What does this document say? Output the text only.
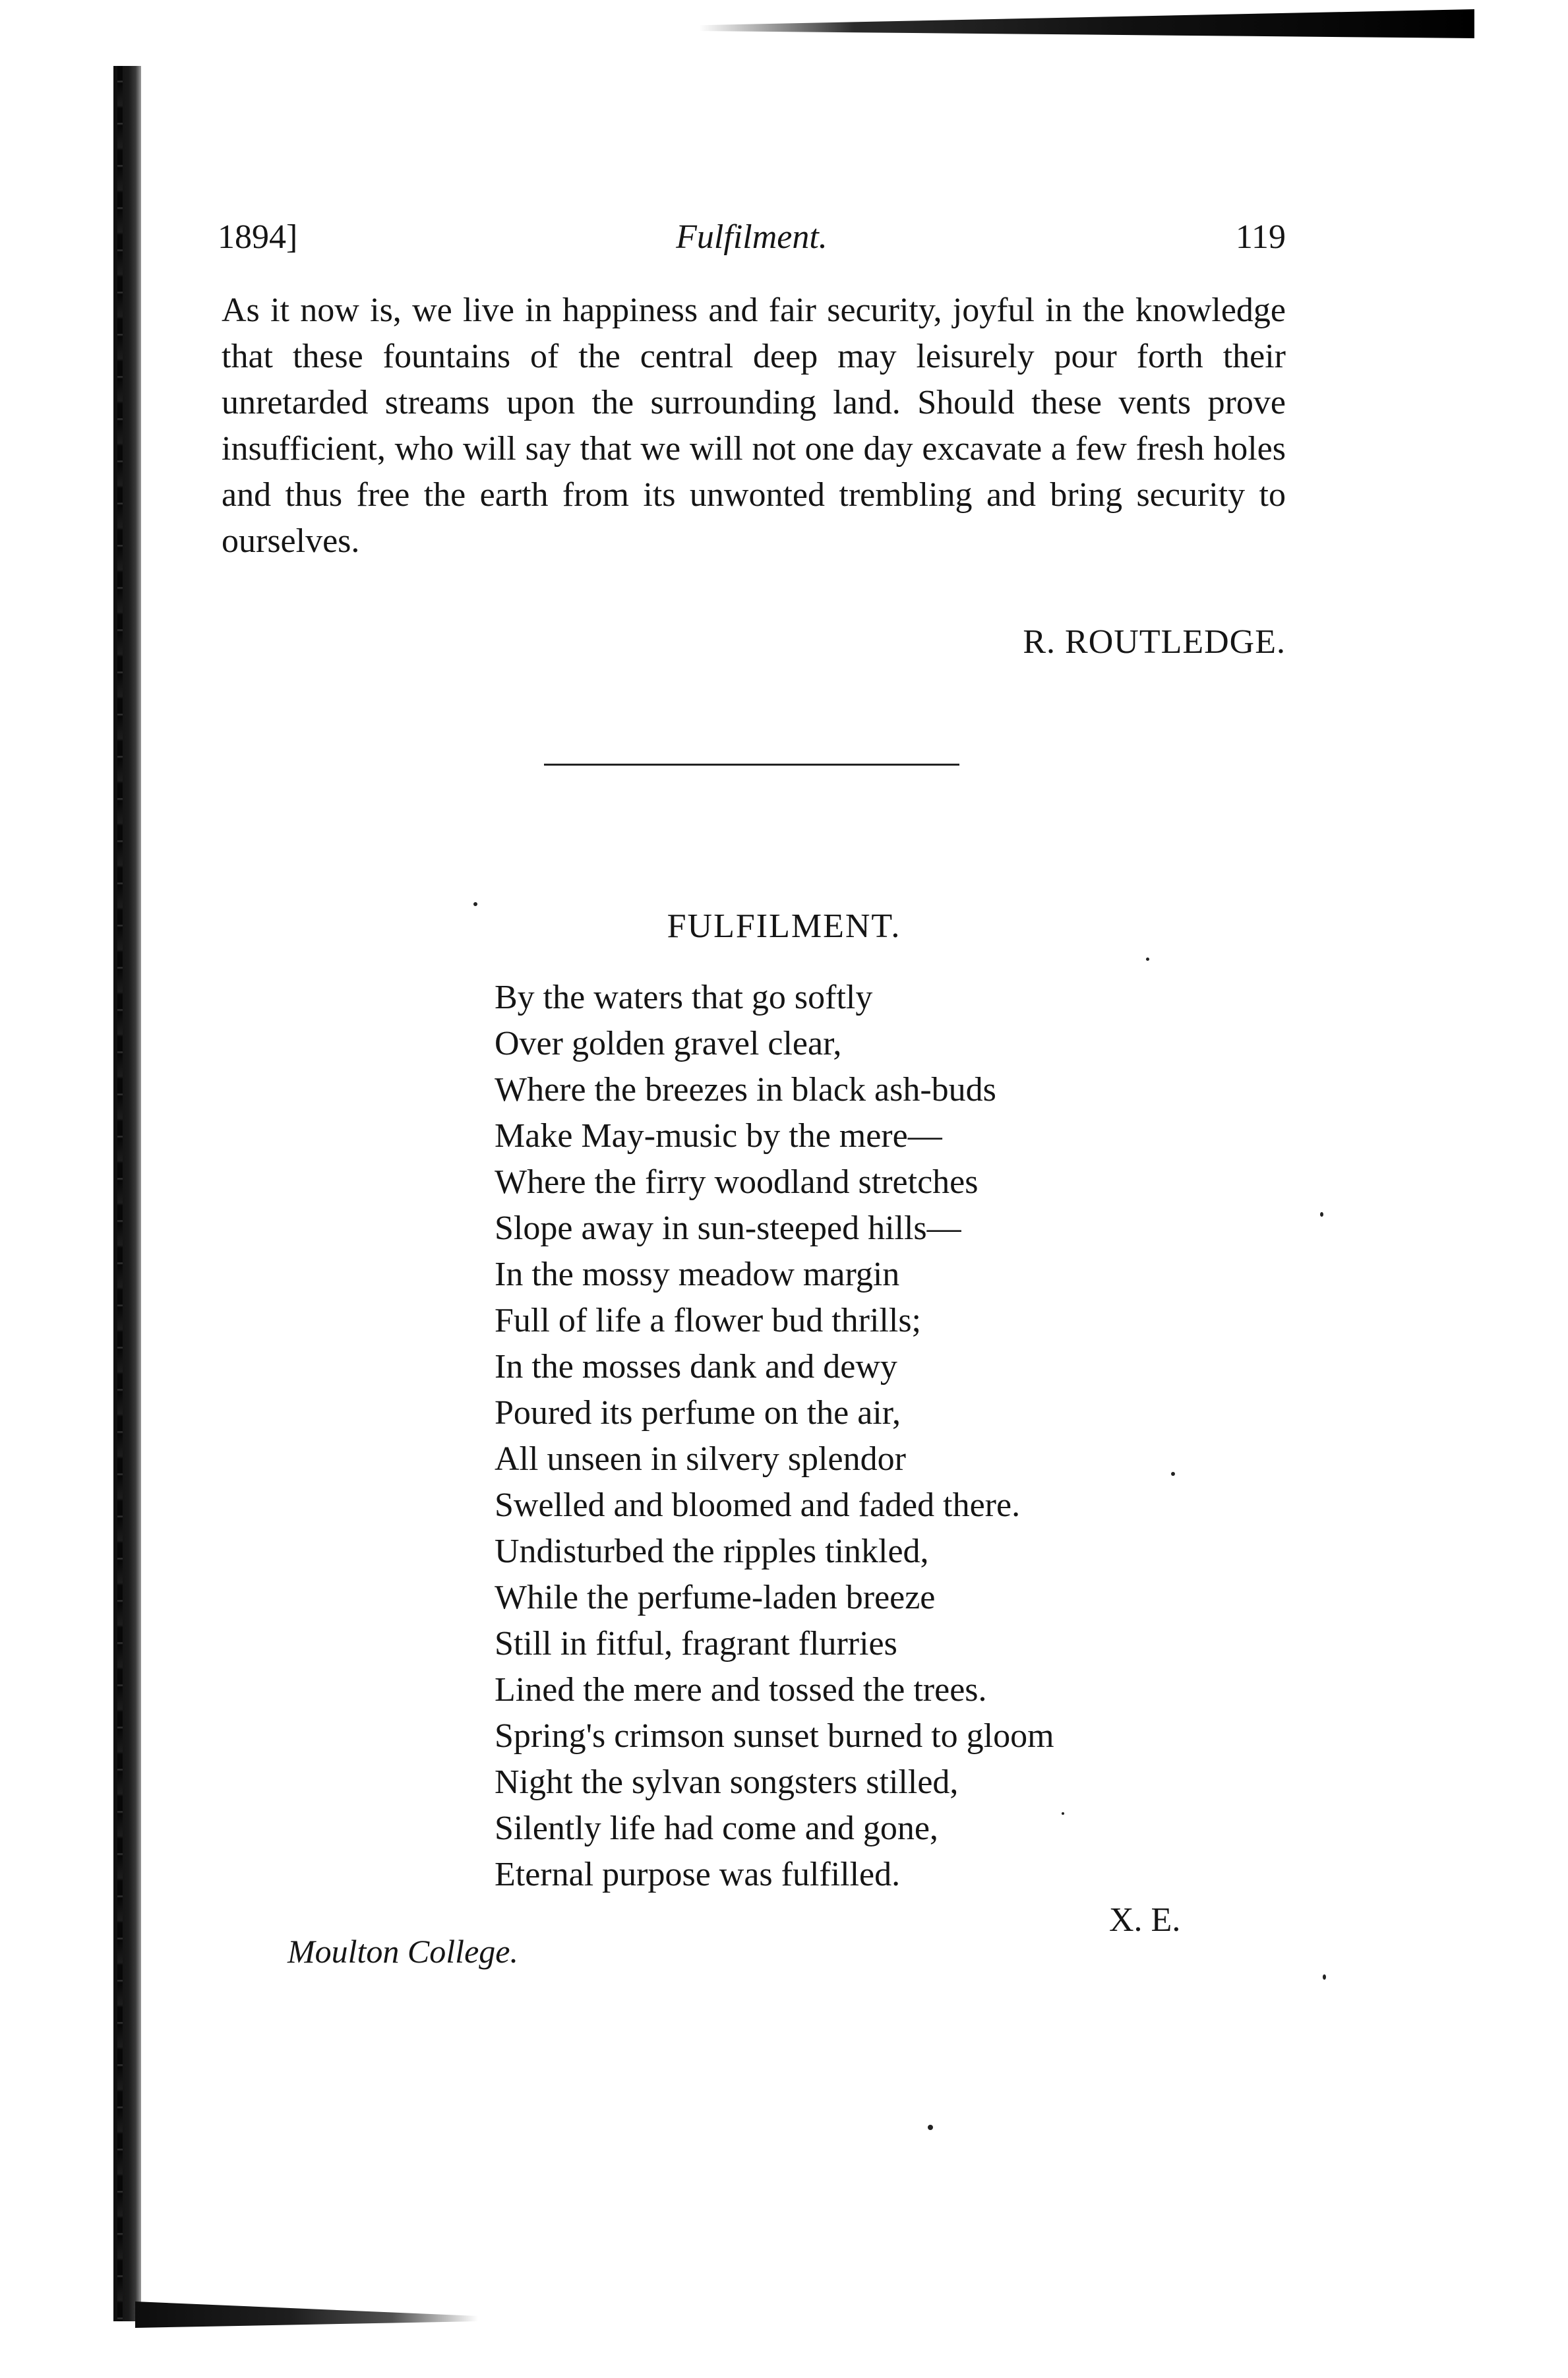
1894]	Fulfilment.	119

As it now is, we live in happiness and fair security, joyful in the knowledge that these fountains of the central deep may leisurely pour forth their unretarded streams upon the surrounding land. Should these vents prove insufficient, who will say that we will not one day excavate a few fresh holes and thus free the earth from its unwonted trembling and bring security to ourselves.

R. ROUTLEDGE.
FULFILMENT.
By the waters that go softly
Over golden gravel clear,
Where the breezes in black ash-buds
Make May-music by the mere—
Where the firry woodland stretches
Slope away in sun-steeped hills—
In the mossy meadow margin
Full of life a flower bud thrills;
In the mosses dank and dewy
Poured its perfume on the air,
All unseen in silvery splendor
Swelled and bloomed and faded there.
Undisturbed the ripples tinkled,
While the perfume-laden breeze
Still in fitful, fragrant flurries
Lined the mere and tossed the trees.
Spring's crimson sunset burned to gloom
Night the sylvan songsters stilled,
Silently life had come and gone,
Eternal purpose was fulfilled.
X. E.
Moulton College.
